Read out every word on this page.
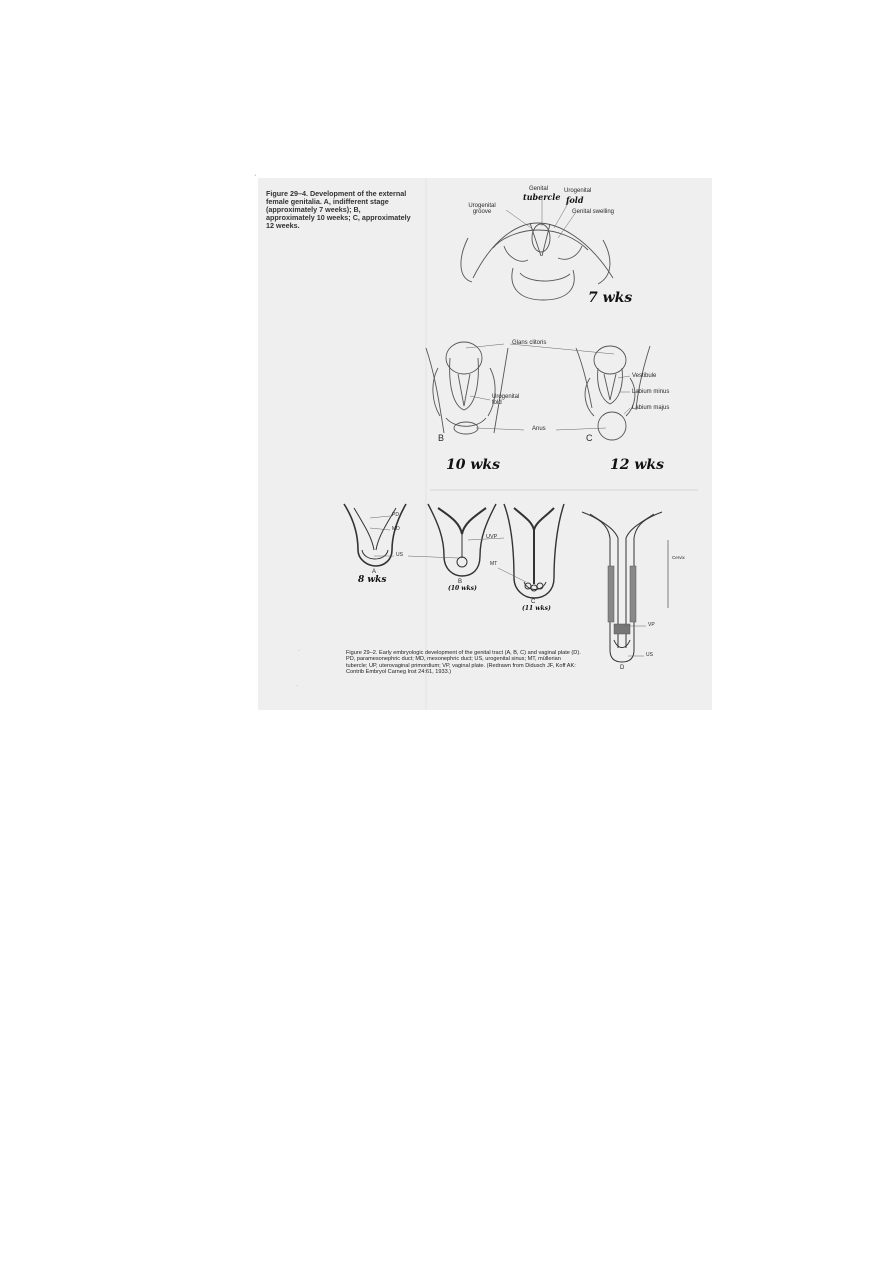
·
Figure 29–4. Development of the external female genitalia. A, indifferent stage (approximately 7 weeks); B, approximately 10 weeks; C, approximately 12 weeks.
Genital
tubercle
Urogenital
fold
Urogenital groove	Genital swelling
7 wks
Glans clitoris
Vestibule
Labium minus
Labium majus
Urogenital fold
Anus
B	C
10 wks	12 wks
PD
MD
US
UVP
MT
Cervix
VP
US
A
8 wks	B
(10 wks)
C
(11 wks)
D
Figure 29–2. Early embryologic development of the genital tract (A, B, C) and vaginal plate (D). PD, paramesonephric duct; MD, mesonephric duct; US, urogenital sinus; MT, müllerian tubercle; UP, uterovaginal primordium; VP, vaginal plate. (Redrawn from Didusch JF, Koff AK: Contrib Embryol Carneg Inst 24:61, 1933.)
·
·
